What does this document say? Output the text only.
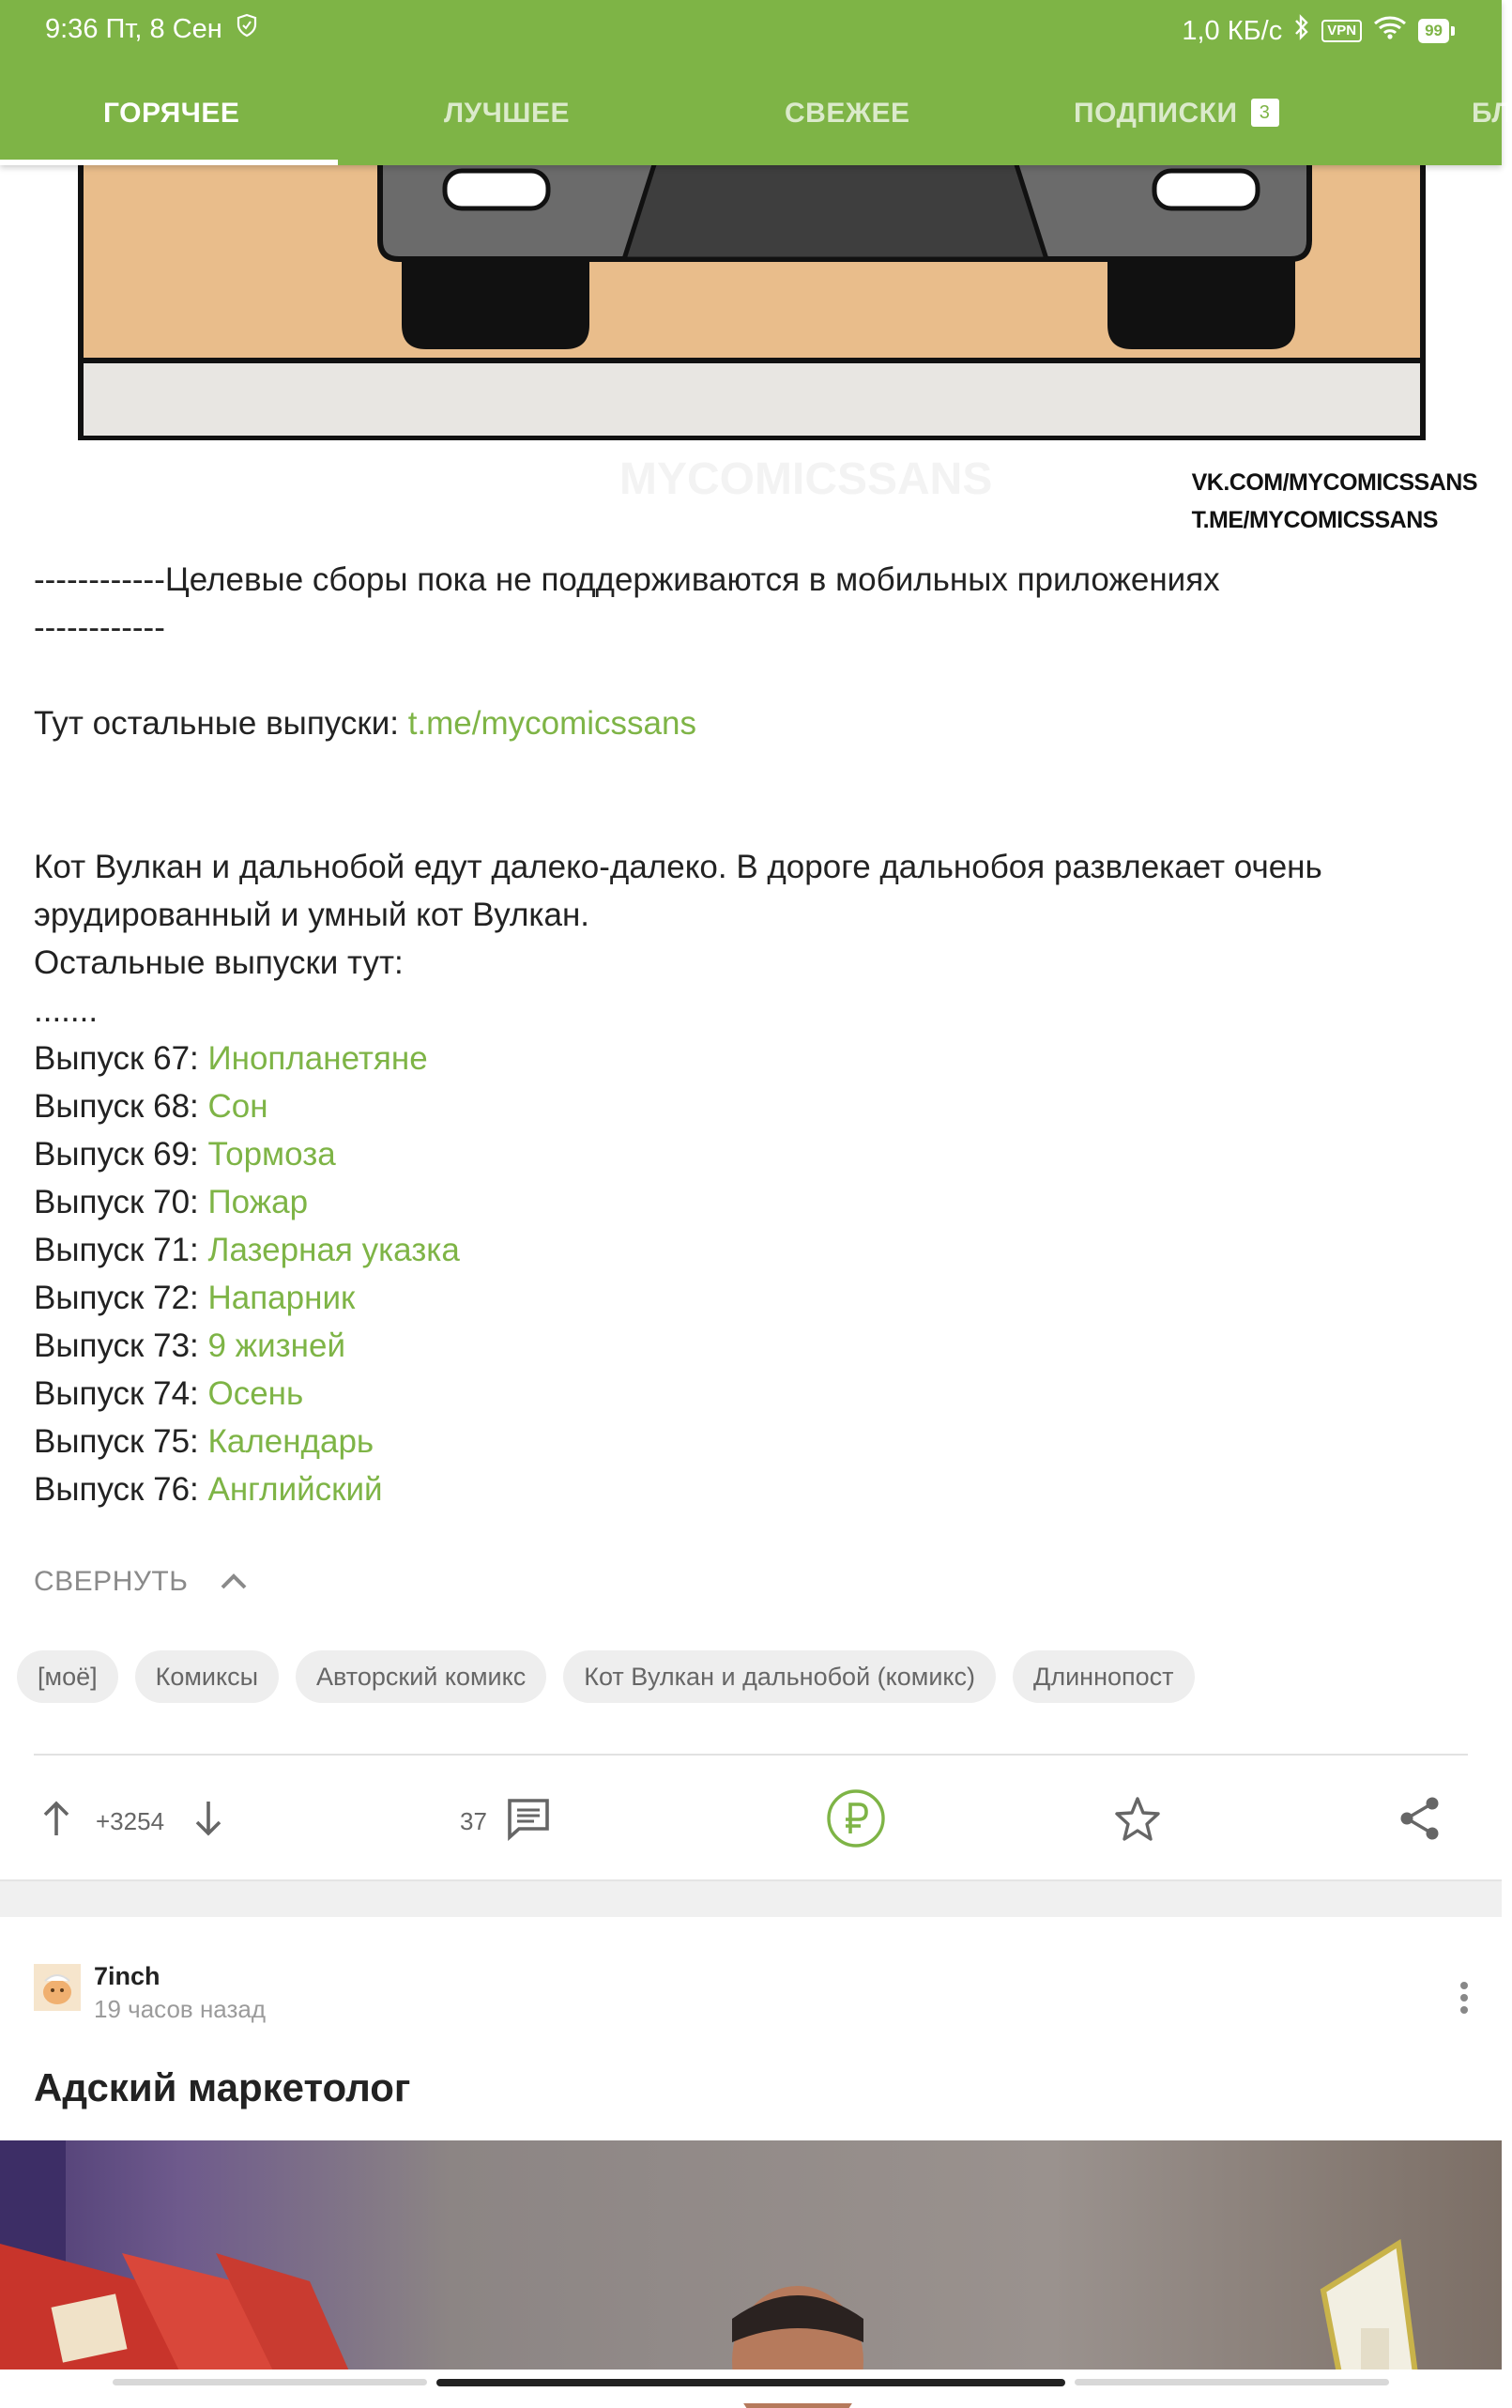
9:36 Пт, 8 Сен	1,0 КБ/с	VPN	99
ГОРЯЧЕЕ	ЛУЧШЕЕ	СВЕЖЕЕ	ПОДПИСКИ 3	БЛ
MYCOMICSSANS	VK.COM/MYCOMICSSANS
T.ME/MYCOMICSSANS
------------Целевые сборы пока не поддерживаются в мобильных приложениях
------------
Тут остальные выпуски: t.me/mycomicssans
Кот Вулкан и дальнобой едут далеко-далеко. В дороге дальнобоя развлекает очень
эрудированный и умный кот Вулкан.
Остальные выпуски тут:
.......
Выпуск 67: Инопланетяне
Выпуск 68: Сон
Выпуск 69: Тормоза
Выпуск 70: Пожар
Выпуск 71: Лазерная указка
Выпуск 72: Напарник
Выпуск 73: 9 жизней
Выпуск 74: Осень
Выпуск 75: Календарь
Выпуск 76: Английский
СВЕРНУТЬ
[моё]	Комиксы	Авторский комикс	Кот Вулкан и дальнобой (комикс)	Длиннопост
+3254	37
7inch
19 часов назад
Адский маркетолог
